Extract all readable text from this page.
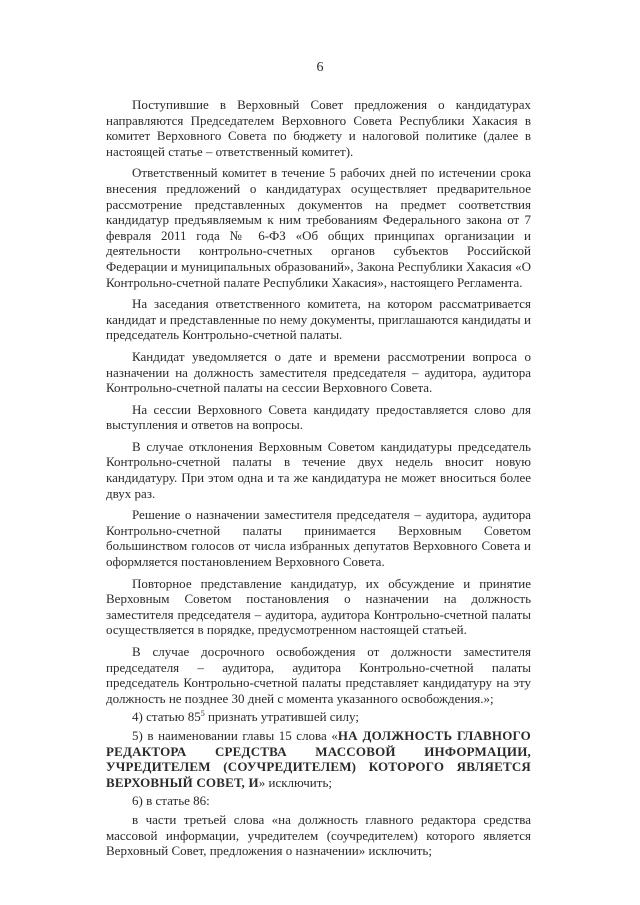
6

Поступившие в Верховный Совет предложения о кандидатурах направляются Председателем Верховного Совета Республики Хакасия в комитет Верховного Совета по бюджету и налоговой политике (далее в настоящей статье – ответственный комитет).

Ответственный комитет в течение 5 рабочих дней по истечении срока внесения предложений о кандидатурах осуществляет предварительное рассмотрение представленных документов на предмет соответствия кандидатур предъявляемым к ним требованиям Федерального закона от 7 февраля 2011 года № 6-ФЗ «Об общих принципах организации и деятельности контрольно-счетных органов субъектов Российской Федерации и муниципальных образований», Закона Республики Хакасия «О Контрольно-счетной палате Республики Хакасия», настоящего Регламента.

На заседания ответственного комитета, на котором рассматривается кандидат и представленные по нему документы, приглашаются кандидаты и председатель Контрольно-счетной палаты.

Кандидат уведомляется о дате и времени рассмотрении вопроса о назначении на должность заместителя председателя – аудитора, аудитора Контрольно-счетной палаты на сессии Верховного Совета.

На сессии Верховного Совета кандидату предоставляется слово для выступления и ответов на вопросы.

В случае отклонения Верховным Советом кандидатуры председатель Контрольно-счетной палаты в течение двух недель вносит новую кандидатуру. При этом одна и та же кандидатура не может вноситься более двух раз.

Решение о назначении заместителя председателя – аудитора, аудитора Контрольно-счетной палаты принимается Верховным Советом большинством голосов от числа избранных депутатов Верховного Совета и оформляется постановлением Верховного Совета.

Повторное представление кандидатур, их обсуждение и принятие Верховным Советом постановления о назначении на должность заместителя председателя – аудитора, аудитора Контрольно-счетной палаты осуществляется в порядке, предусмотренном настоящей статьей.

В случае досрочного освобождения от должности заместителя председателя – аудитора, аудитора Контрольно-счетной палаты председатель Контрольно-счетной палаты представляет кандидатуру на эту должность не позднее 30 дней с момента указанного освобождения.»;

4) статью $85^5$ признать утратившей силу;

5) в наименовании главы 15 слова «НА ДОЛЖНОСТЬ ГЛАВНОГО РЕДАКТОРА СРЕДСТВА МАССОВОЙ ИНФОРМАЦИИ, УЧРЕДИТЕЛЕМ (СОУЧРЕДИТЕЛЕМ) КОТОРОГО ЯВЛЯЕТСЯ ВЕРХОВНЫЙ СОВЕТ, И» исключить;

6) в статье 86:

в части третьей слова «на должность главного редактора средства массовой информации, учредителем (соучредителем) которого является Верховный Совет, предложения о назначении» исключить;
